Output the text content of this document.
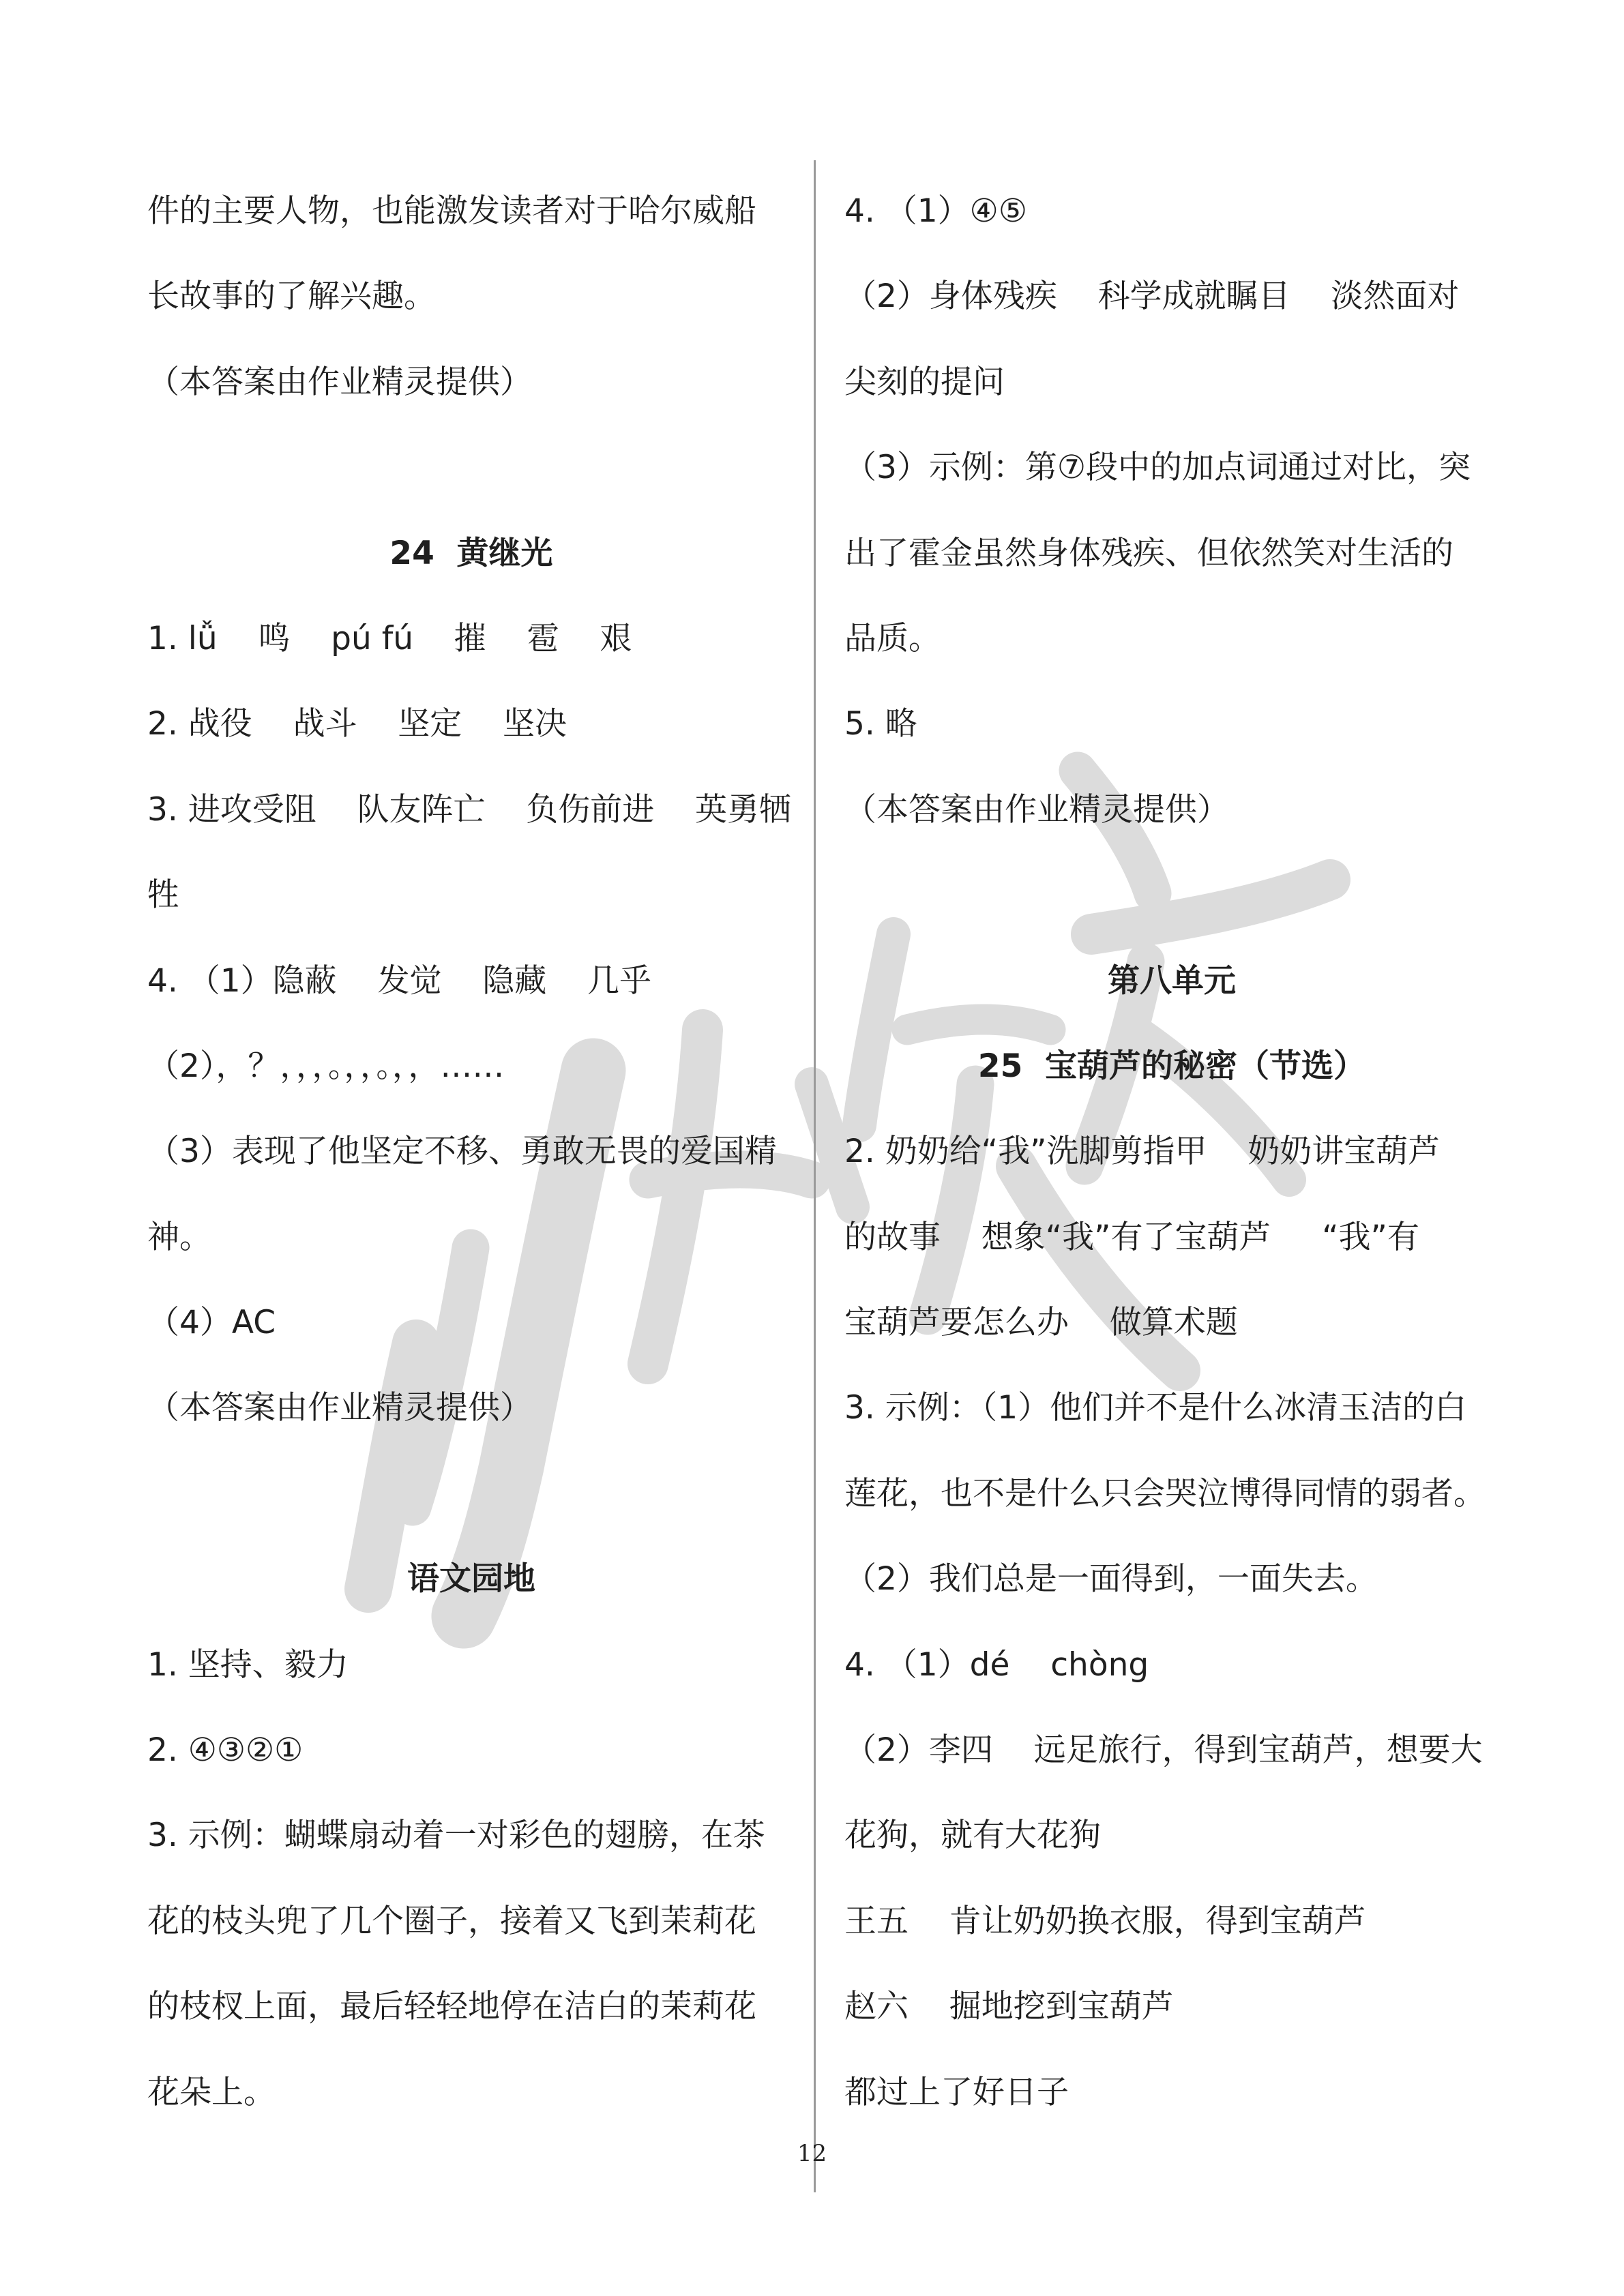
件的主要人物，也能激发读者对于哈尔威船
长故事的了解兴趣。
（本答案由作业精灵提供）
24  黄继光
1. lǚ    鸣    pú fú    摧    雹    艰
2. 战役    战斗    坚定    坚决
3. 进攻受阻    队友阵亡    负伤前进    英勇牺
牲
4. （1）隐蔽    发觉    隐藏    几乎
（2），？，，，。，，。，，……
（3）表现了他坚定不移、勇敢无畏的爱国精
神。
（4）AC
（本答案由作业精灵提供）
语文园地
1. 坚持、毅力
2. ④③②①
3. 示例：蝴蝶扇动着一对彩色的翅膀，在茶
花的枝头兜了几个圈子，接着又飞到茉莉花
的枝杈上面，最后轻轻地停在洁白的茉莉花
花朵上。
4. （1）④⑤
（2）身体残疾    科学成就瞩目    淡然面对
尖刻的提问
（3）示例：第⑦段中的加点词通过对比，突
出了霍金虽然身体残疾、但依然笑对生活的
品质。
5. 略
（本答案由作业精灵提供）
第八单元
25  宝葫芦的秘密（节选）
2. 奶奶给“我”洗脚剪指甲    奶奶讲宝葫芦
的故事    想象“我”有了宝葫芦     “我”有
宝葫芦要怎么办    做算术题
3. 示例：（1）他们并不是什么冰清玉洁的白
莲花，也不是什么只会哭泣博得同情的弱者。
（2）我们总是一面得到，一面失去。
4. （1）dé    chòng
（2）李四    远足旅行，得到宝葫芦，想要大
花狗，就有大花狗
王五    肯让奶奶换衣服，得到宝葫芦
赵六    掘地挖到宝葫芦
都过上了好日子
12
